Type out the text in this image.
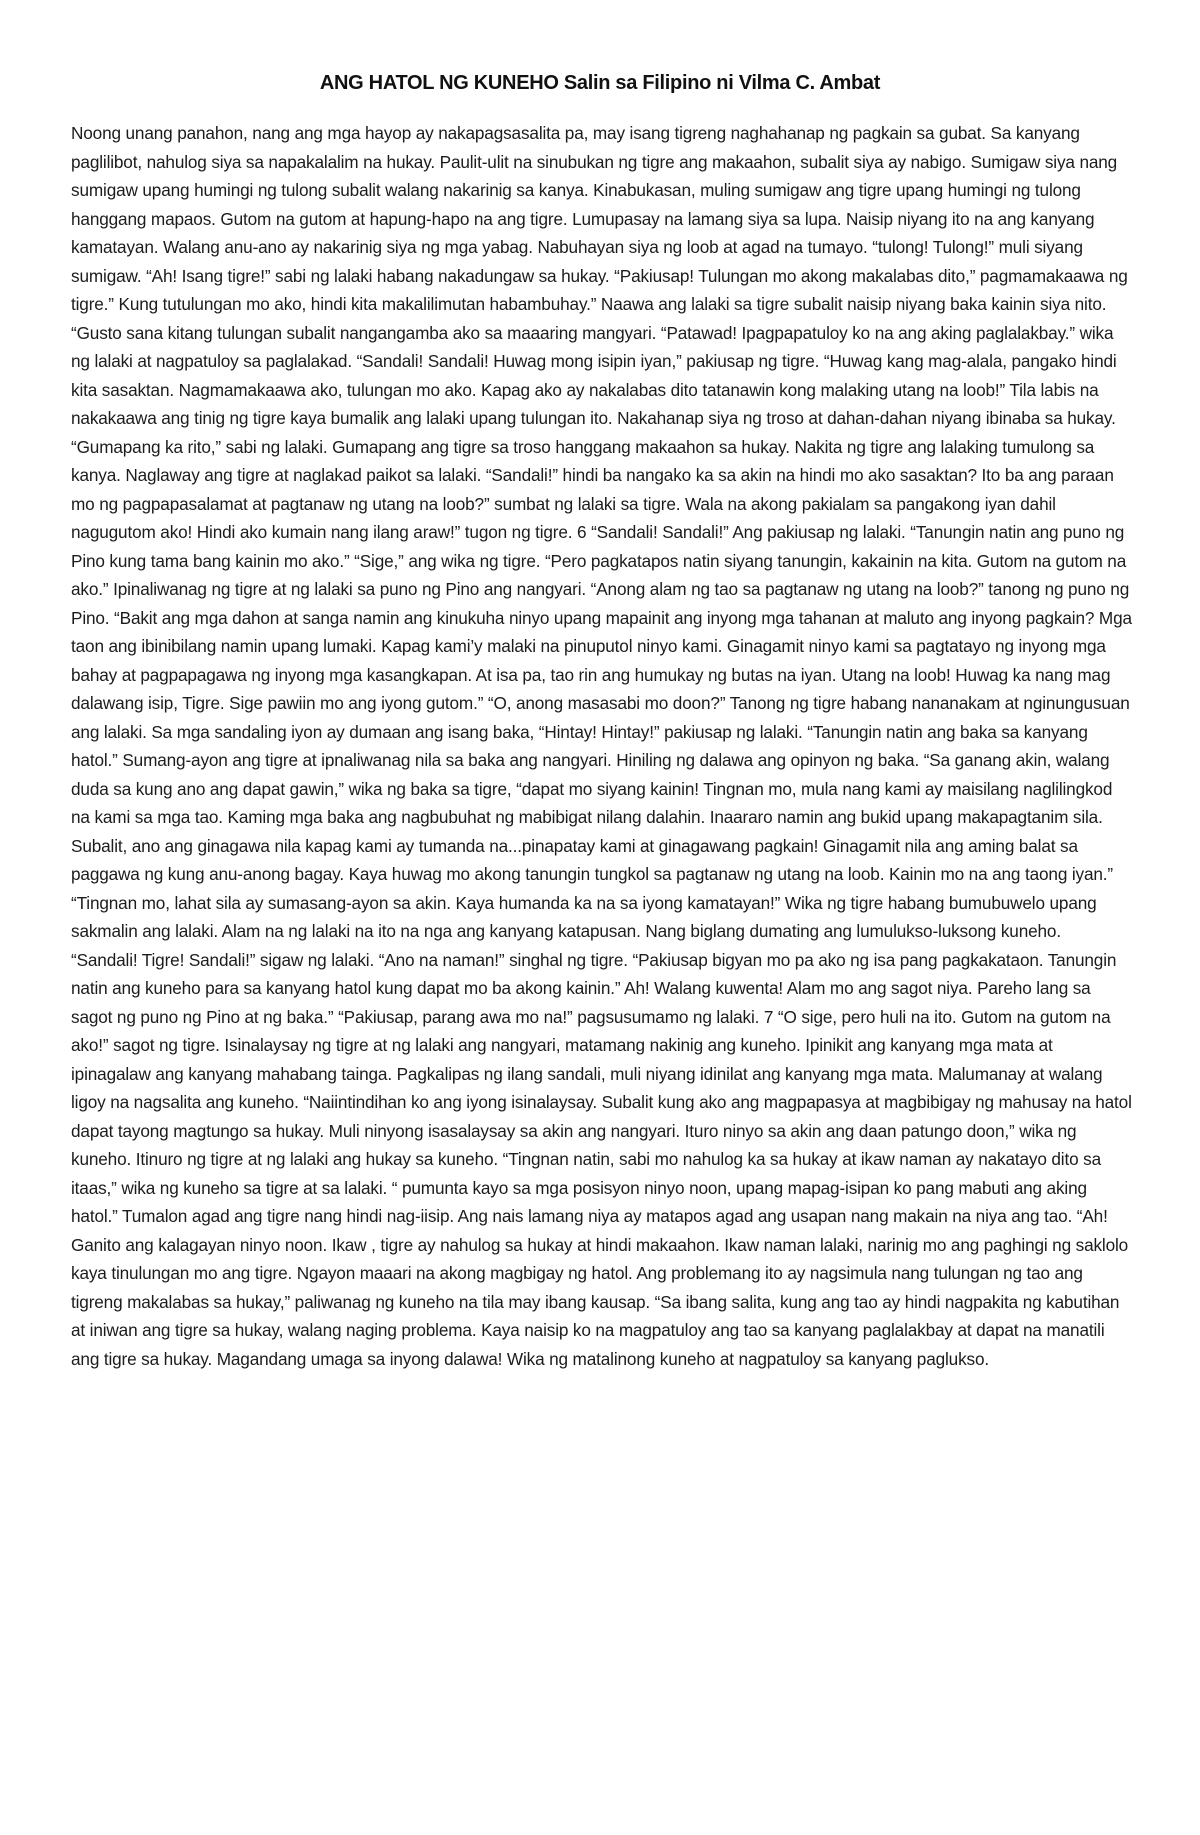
ANG HATOL NG KUNEHO Salin sa Filipino ni Vilma C. Ambat

Noong unang panahon, nang ang mga hayop ay nakapagsasalita pa, may isang tigreng naghahanap ng pagkain sa gubat. Sa kanyang paglilibot, nahulog siya sa napakalalim na hukay. Paulit-ulit na sinubukan ng tigre ang makaahon, subalit siya ay nabigo. Sumigaw siya nang sumigaw upang humingi ng tulong subalit walang nakarinig sa kanya. Kinabukasan, muling sumigaw ang tigre upang humingi ng tulong hanggang mapaos. Gutom na gutom at hapung-hapo na ang tigre. Lumupasay na lamang siya sa lupa. Naisip niyang ito na ang kanyang kamatayan. Walang anu-ano ay nakarinig siya ng mga yabag. Nabuhayan siya ng loob at agad na tumayo. “tulong! Tulong!” muli siyang sumigaw. “Ah! Isang tigre!” sabi ng lalaki habang nakadungaw sa hukay. “Pakiusap! Tulungan mo akong makalabas dito,” pagmamakaawa ng tigre.” Kung tutulungan mo ako, hindi kita makalilimutan habambuhay.” Naawa ang lalaki sa tigre subalit naisip niyang baka kainin siya nito. “Gusto sana kitang tulungan subalit nangangamba ako sa maaaring mangyari. “Patawad! Ipagpapatuloy ko na ang aking paglalakbay.” wika ng lalaki at nagpatuloy sa paglalakad. “Sandali! Sandali! Huwag mong isipin iyan,” pakiusap ng tigre. “Huwag kang mag-alala, pangako hindi kita sasaktan. Nagmamakaawa ako, tulungan mo ako. Kapag ako ay nakalabas dito tatanawin kong malaking utang na loob!” Tila labis na nakakaawa ang tinig ng tigre kaya bumalik ang lalaki upang tulungan ito. Nakahanap siya ng troso at dahan-dahan niyang ibinaba sa hukay. “Gumapang ka rito,” sabi ng lalaki. Gumapang ang tigre sa troso hanggang makaahon sa hukay. Nakita ng tigre ang lalaking tumulong sa kanya. Naglaway ang tigre at naglakad paikot sa lalaki. “Sandali!” hindi ba nangako ka sa akin na hindi mo ako sasaktan? Ito ba ang paraan mo ng pagpapasalamat at pagtanaw ng utang na loob?” sumbat ng lalaki sa tigre. Wala na akong pakialam sa pangakong iyan dahil nagugutom ako! Hindi ako kumain nang ilang araw!” tugon ng tigre. 6 “Sandali! Sandali!” Ang pakiusap ng lalaki. “Tanungin natin ang puno ng Pino kung tama bang kainin mo ako.” “Sige,” ang wika ng tigre. “Pero pagkatapos natin siyang tanungin, kakainin na kita. Gutom na gutom na ako.” Ipinaliwanag ng tigre at ng lalaki sa puno ng Pino ang nangyari. “Anong alam ng tao sa pagtanaw ng utang na loob?” tanong ng puno ng Pino. “Bakit ang mga dahon at sanga namin ang kinukuha ninyo upang mapainit ang inyong mga tahanan at maluto ang inyong pagkain? Mga taon ang ibinibilang namin upang lumaki. Kapag kami’y malaki na pinuputol ninyo kami. Ginagamit ninyo kami sa pagtatayo ng inyong mga bahay at pagpapagawa ng inyong mga kasangkapan. At isa pa, tao rin ang humukay ng butas na iyan. Utang na loob! Huwag ka nang mag dalawang isip, Tigre. Sige pawiin mo ang iyong gutom.” “O, anong masasabi mo doon?” Tanong ng tigre habang nananakam at nginungusuan ang lalaki. Sa mga sandaling iyon ay dumaan ang isang baka, “Hintay! Hintay!” pakiusap ng lalaki. “Tanungin natin ang baka sa kanyang hatol.” Sumang-ayon ang tigre at ipnaliwanag nila sa baka ang nangyari. Hiniling ng dalawa ang opinyon ng baka. “Sa ganang akin, walang duda sa kung ano ang dapat gawin,” wika ng baka sa tigre, “dapat mo siyang kainin! Tingnan mo, mula nang kami ay maisilang naglilingkod na kami sa mga tao. Kaming mga baka ang nagbubuhat ng mabibigat nilang dalahin. Inaararo namin ang bukid upang makapagtanim sila. Subalit, ano ang ginagawa nila kapag kami ay tumanda na...pinapatay kami at ginagawang pagkain! Ginagamit nila ang aming balat sa paggawa ng kung anu-anong bagay. Kaya huwag mo akong tanungin tungkol sa pagtanaw ng utang na loob. Kainin mo na ang taong iyan.” “Tingnan mo, lahat sila ay sumasang-ayon sa akin. Kaya humanda ka na sa iyong kamatayan!” Wika ng tigre habang bumubuwelo upang sakmalin ang lalaki. Alam na ng lalaki na ito na nga ang kanyang katapusan. Nang biglang dumating ang lumulukso-luksong kuneho. “Sandali! Tigre! Sandali!” sigaw ng lalaki. “Ano na naman!” singhal ng tigre. “Pakiusap bigyan mo pa ako ng isa pang pagkakataon. Tanungin natin ang kuneho para sa kanyang hatol kung dapat mo ba akong kainin.” Ah! Walang kuwenta! Alam mo ang sagot niya. Pareho lang sa sagot ng puno ng Pino at ng baka.” “Pakiusap, parang awa mo na!” pagsusumamo ng lalaki. 7 “O sige, pero huli na ito. Gutom na gutom na ako!” sagot ng tigre. Isinalaysay ng tigre at ng lalaki ang nangyari, matamang nakinig ang kuneho. Ipinikit ang kanyang mga mata at ipinagalaw ang kanyang mahabang tainga. Pagkalipas ng ilang sandali, muli niyang idinilat ang kanyang mga mata. Malumanay at walang ligoy na nagsalita ang kuneho. “Naiintindihan ko ang iyong isinalaysay. Subalit kung ako ang magpapasya at magbibigay ng mahusay na hatol dapat tayong magtungo sa hukay. Muli ninyong isasalaysay sa akin ang nangyari. Ituro ninyo sa akin ang daan patungo doon,” wika ng kuneho. Itinuro ng tigre at ng lalaki ang hukay sa kuneho. “Tingnan natin, sabi mo nahulog ka sa hukay at ikaw naman ay nakatayo dito sa itaas,” wika ng kuneho sa tigre at sa lalaki. “ pumunta kayo sa mga posisyon ninyo noon, upang mapag-isipan ko pang mabuti ang aking hatol.” Tumalon agad ang tigre nang hindi nag-iisip. Ang nais lamang niya ay matapos agad ang usapan nang makain na niya ang tao. “Ah! Ganito ang kalagayan ninyo noon. Ikaw , tigre ay nahulog sa hukay at hindi makaahon. Ikaw naman lalaki, narinig mo ang paghingi ng saklolo kaya tinulungan mo ang tigre. Ngayon maaari na akong magbigay ng hatol. Ang problemang ito ay nagsimula nang tulungan ng tao ang tigreng makalabas sa hukay,” paliwanag ng kuneho na tila may ibang kausap. “Sa ibang salita, kung ang tao ay hindi nagpakita ng kabutihan at iniwan ang tigre sa hukay, walang naging problema. Kaya naisip ko na magpatuloy ang tao sa kanyang paglalakbay at dapat na manatili ang tigre sa hukay. Magandang umaga sa inyong dalawa! Wika ng matalinong kuneho at nagpatuloy sa kanyang paglukso.
